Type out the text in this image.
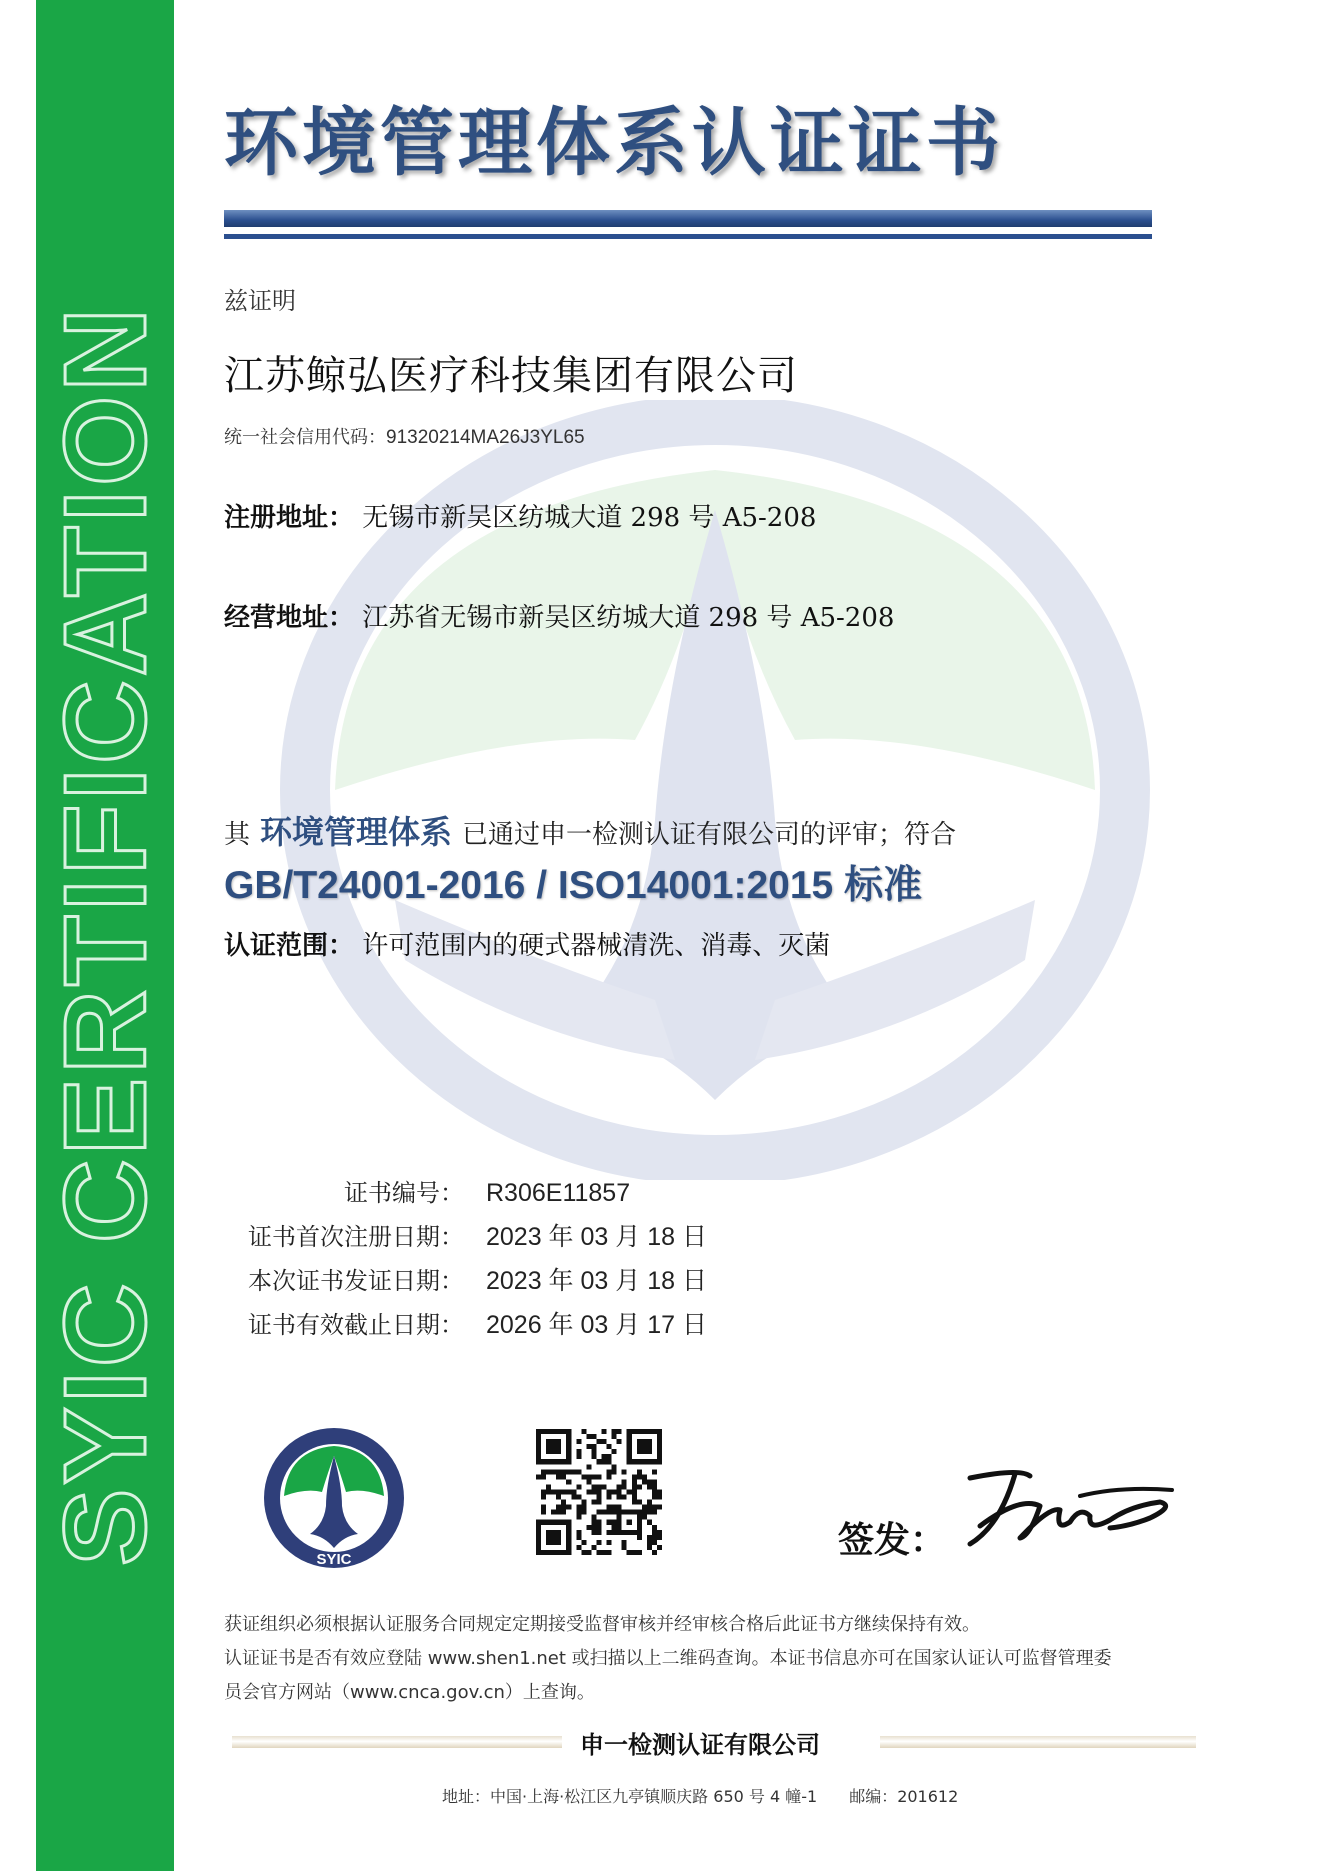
SYIC CERTIFICATION
环境管理体系认证证书
兹证明
江苏鲸弘医疗科技集团有限公司
统一社会信用代码：91320214MA26J3YL65
注册地址： 无锡市新吴区纺城大道 298 号 A5-208
经营地址： 江苏省无锡市新吴区纺城大道 298 号 A5-208
其 环境管理体系 已通过申一检测认证有限公司的评审；符合
GB/T24001-2016 / ISO14001:2015 标准
认证范围： 许可范围内的硬式器械清洗、消毒、灭菌
证书编号： R306E11857
证书首次注册日期： 2023 年 03 月 18 日
本次证书发证日期： 2023 年 03 月 18 日
证书有效截止日期： 2026 年 03 月 17 日
SYIC	签发：

获证组织必须根据认证服务合同规定定期接受监督审核并经审核合格后此证书方继续保持有效。

认证证书是否有效应登陆 www.shen1.net 或扫描以上二维码查询。本证书信息亦可在国家认证认可监督管理委

员会官方网站（www.cnca.gov.cn）上查询。

申一检测认证有限公司
地址：中国·上海·松江区九亭镇顺庆路 650 号 4 幢-1　　邮编：201612
